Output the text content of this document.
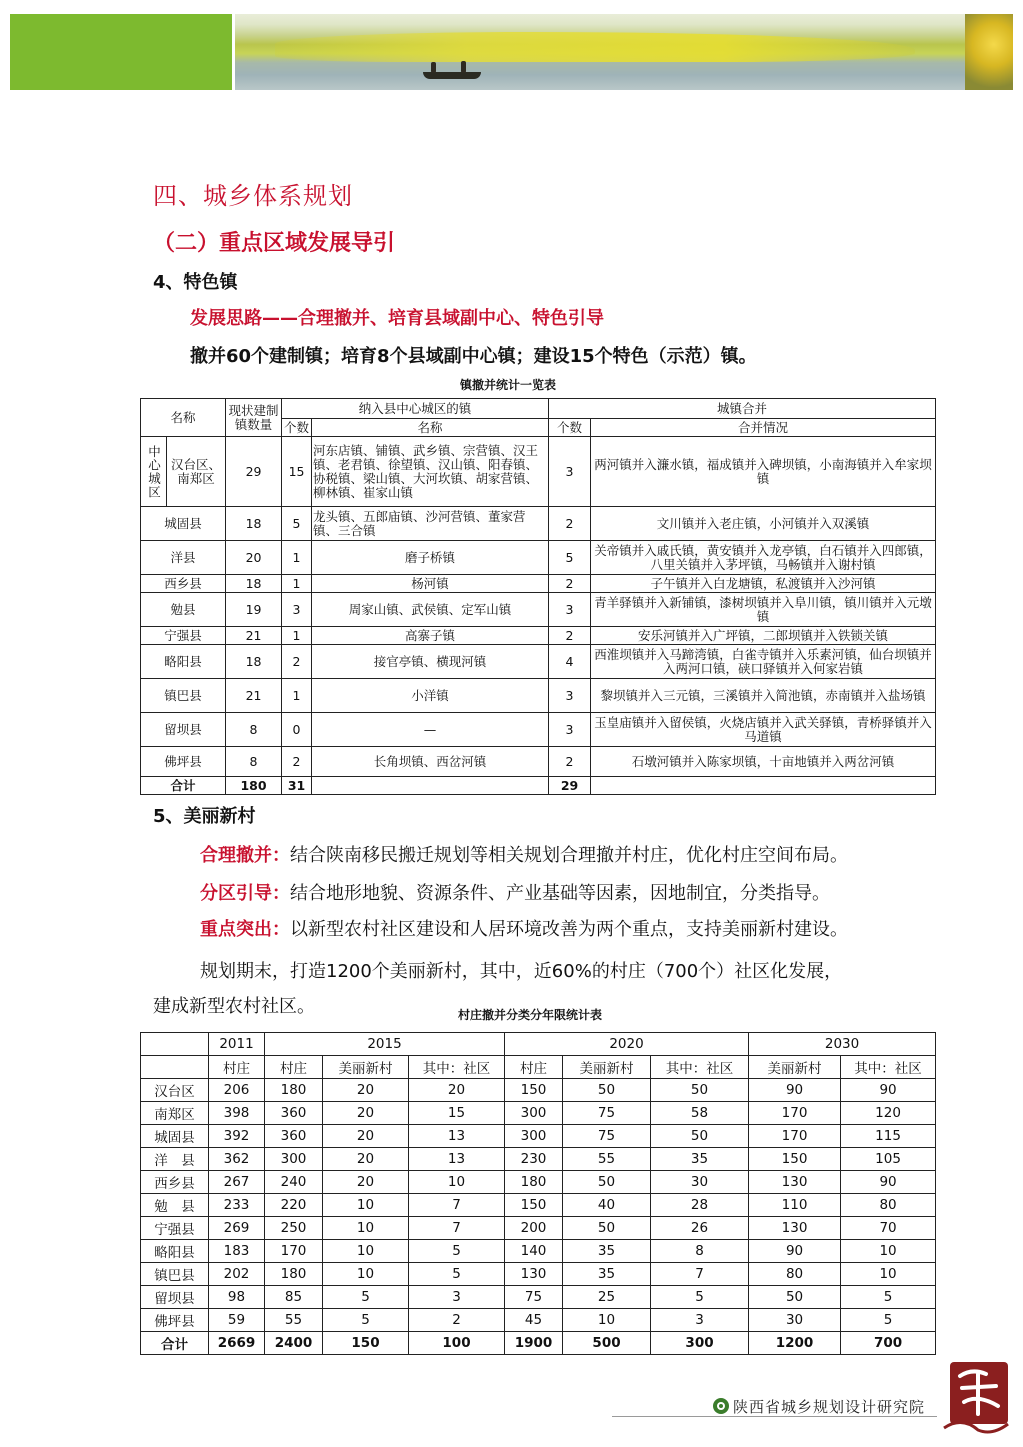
四、城乡体系规划
（二）重点区域发展导引
4、特色镇
发展思路——合理撤并、培育县域副中心、特色引导
撤并60个建制镇；培育8个县域副中心镇；建设15个特色（示范）镇。
镇撤并统计一览表
名称		现状建制镇数量	纳入县中心城区的镇		城镇合并	
			个数	名称	个数	合并情况
中心城区	汉台区、南郑区	29	15	河东店镇、铺镇、武乡镇、宗营镇、汉王镇、老君镇、徐望镇、汉山镇、阳春镇、协税镇、梁山镇、大河坎镇、胡家营镇、柳林镇、崔家山镇	3	两河镇并入濂水镇，福成镇并入碑坝镇，小南海镇并入牟家坝镇
城固县		18	5	龙头镇、五郎庙镇、沙河营镇、董家营镇、三合镇	2	文川镇并入老庄镇，小河镇并入双溪镇
洋县		20	1	磨子桥镇	5	关帝镇并入戚氏镇，黄安镇并入龙亭镇，白石镇并入四郎镇，八里关镇并入茅坪镇，马畅镇并入谢村镇
西乡县		18	1	杨河镇	2	子午镇并入白龙塘镇，私渡镇并入沙河镇
勉县		19	3	周家山镇、武侯镇、定军山镇	3	青羊驿镇并入新铺镇，漆树坝镇并入阜川镇，镇川镇并入元墩镇
宁强县		21	1	高寨子镇	2	安乐河镇并入广坪镇，二郎坝镇并入铁锁关镇
略阳县		18	2	接官亭镇、横现河镇	4	西淮坝镇并入马蹄湾镇，白雀寺镇并入乐素河镇，仙台坝镇并入两河口镇，硖口驿镇并入何家岩镇
镇巴县		21	1	小洋镇	3	黎坝镇并入三元镇，三溪镇并入简池镇，赤南镇并入盐场镇
留坝县		8	0	—	3	玉皇庙镇并入留侯镇，火烧店镇并入武关驿镇，青桥驿镇并入马道镇
佛坪县		8	2	长角坝镇、西岔河镇	2	石墩河镇并入陈家坝镇，十亩地镇并入两岔河镇
合计		180	31		29	
5、美丽新村
合理撤并：结合陕南移民搬迁规划等相关规划合理撤并村庄，优化村庄空间布局。
分区引导：结合地形地貌、资源条件、产业基础等因素，因地制宜，分类指导。
重点突出：以新型农村社区建设和人居环境改善为两个重点，支持美丽新村建设。
规划期末，打造1200个美丽新村，其中，近60%的村庄（700个）社区化发展，
建成新型农村社区。	村庄撤并分类分年限统计表
	2011	2015			2020			2030	
	村庄	村庄	美丽新村	其中：社区	村庄	美丽新村	其中：社区	美丽新村	其中：社区
汉台区	206	180	20	20	150	50	50	90	90
南郑区	398	360	20	15	300	75	58	170	120
城固县	392	360	20	13	300	75	50	170	115
洋　县	362	300	20	13	230	55	35	150	105
西乡县	267	240	20	10	180	50	30	130	90
勉　县	233	220	10	7	150	40	28	110	80
宁强县	269	250	10	7	200	50	26	130	70
略阳县	183	170	10	5	140	35	8	90	10
镇巴县	202	180	10	5	130	35	7	80	10
留坝县	98	85	5	3	75	25	5	50	5
佛坪县	59	55	5	2	45	10	3	30	5
合计	2669	2400	150	100	1900	500	300	1200	700
陕西省城乡规划设计研究院
